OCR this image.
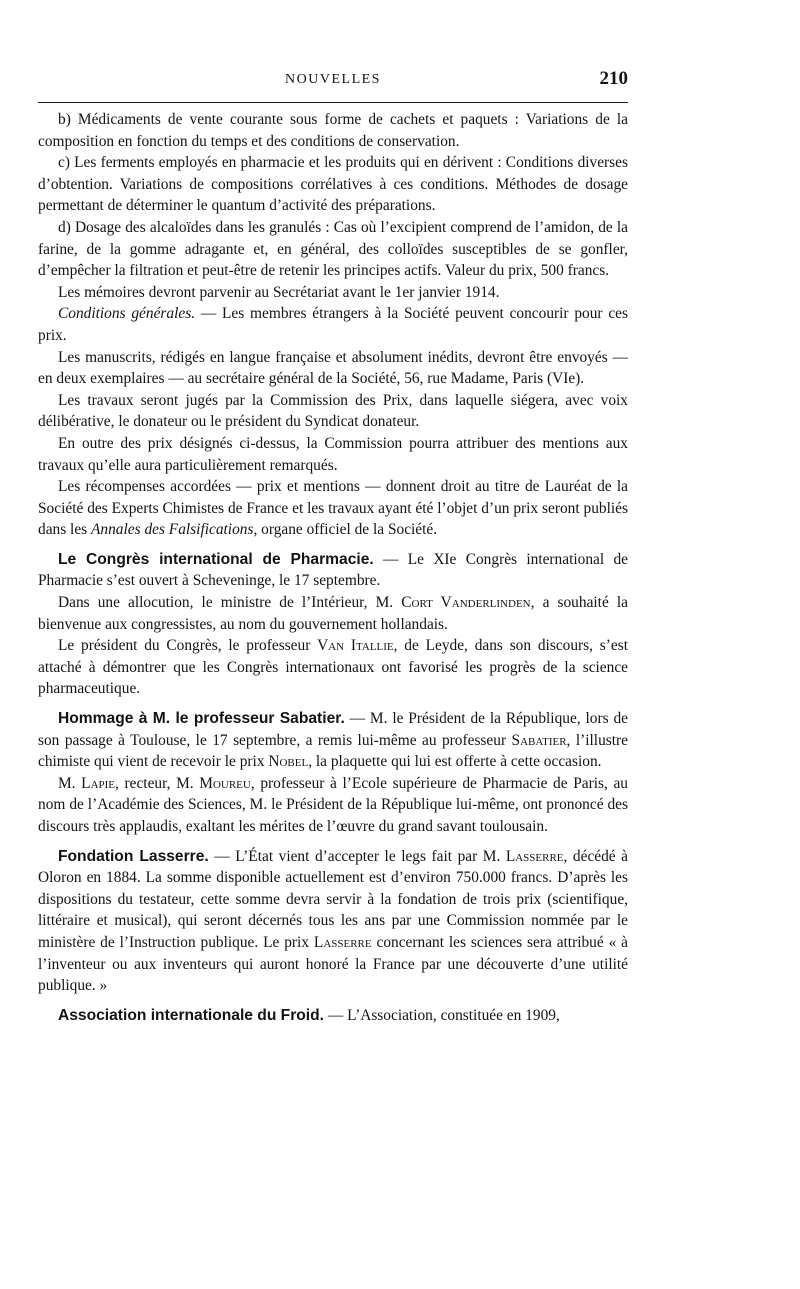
NOUVELLES	210

b) Médicaments de vente courante sous forme de cachets et paquets : Variations de la composition en fonction du temps et des conditions de conservation.

c) Les ferments employés en pharmacie et les produits qui en dérivent : Conditions diverses d’obtention. Variations de compositions corrélatives à ces conditions. Méthodes de dosage permettant de déterminer le quantum d’activité des préparations.

d) Dosage des alcaloïdes dans les granulés : Cas où l’excipient comprend de l’amidon, de la farine, de la gomme adragante et, en général, des colloïdes susceptibles de se gonfler, d’empêcher la filtration et peut-être de retenir les principes actifs. Valeur du prix, 500 francs.

Les mémoires devront parvenir au Secrétariat avant le 1er janvier 1914.

Conditions générales. — Les membres étrangers à la Société peuvent concourir pour ces prix.

Les manuscrits, rédigés en langue française et absolument inédits, devront être envoyés — en deux exemplaires — au secrétaire général de la Société, 56, rue Madame, Paris (VIe).

Les travaux seront jugés par la Commission des Prix, dans laquelle siégera, avec voix délibérative, le donateur ou le président du Syndicat donateur.

En outre des prix désignés ci-dessus, la Commission pourra attribuer des mentions aux travaux qu’elle aura particulièrement remarqués.

Les récompenses accordées — prix et mentions — donnent droit au titre de Lauréat de la Société des Experts Chimistes de France et les travaux ayant été l’objet d’un prix seront publiés dans les Annales des Falsifications, organe officiel de la Société.

Le Congrès international de Pharmacie. — Le XIe Congrès international de Pharmacie s’est ouvert à Scheveninge, le 17 septembre.

Dans une allocution, le ministre de l’Intérieur, M. Cort Vanderlinden, a souhaité la bienvenue aux congressistes, au nom du gouvernement hollandais.

Le président du Congrès, le professeur Van Itallie, de Leyde, dans son discours, s’est attaché à démontrer que les Congrès internationaux ont favorisé les progrès de la science pharmaceutique.

Hommage à M. le professeur Sabatier. — M. le Président de la République, lors de son passage à Toulouse, le 17 septembre, a remis lui-même au professeur Sabatier, l’illustre chimiste qui vient de recevoir le prix Nobel, la plaquette qui lui est offerte à cette occasion.

M. Lapie, recteur, M. Moureu, professeur à l’Ecole supérieure de Pharmacie de Paris, au nom de l’Académie des Sciences, M. le Président de la République lui-même, ont prononcé des discours très applaudis, exaltant les mérites de l’œuvre du grand savant toulousain.

Fondation Lasserre. — L’État vient d’accepter le legs fait par M. Lasserre, décédé à Oloron en 1884. La somme disponible actuellement est d’environ 750.000 francs. D’après les dispositions du testateur, cette somme devra servir à la fondation de trois prix (scientifique, littéraire et musical), qui seront décernés tous les ans par une Commission nommée par le ministère de l’Instruction publique. Le prix Lasserre concernant les sciences sera attribué « à l’inventeur ou aux inventeurs qui auront honoré la France par une découverte d’une utilité publique. »

Association internationale du Froid. — L’Association, constituée en 1909,
